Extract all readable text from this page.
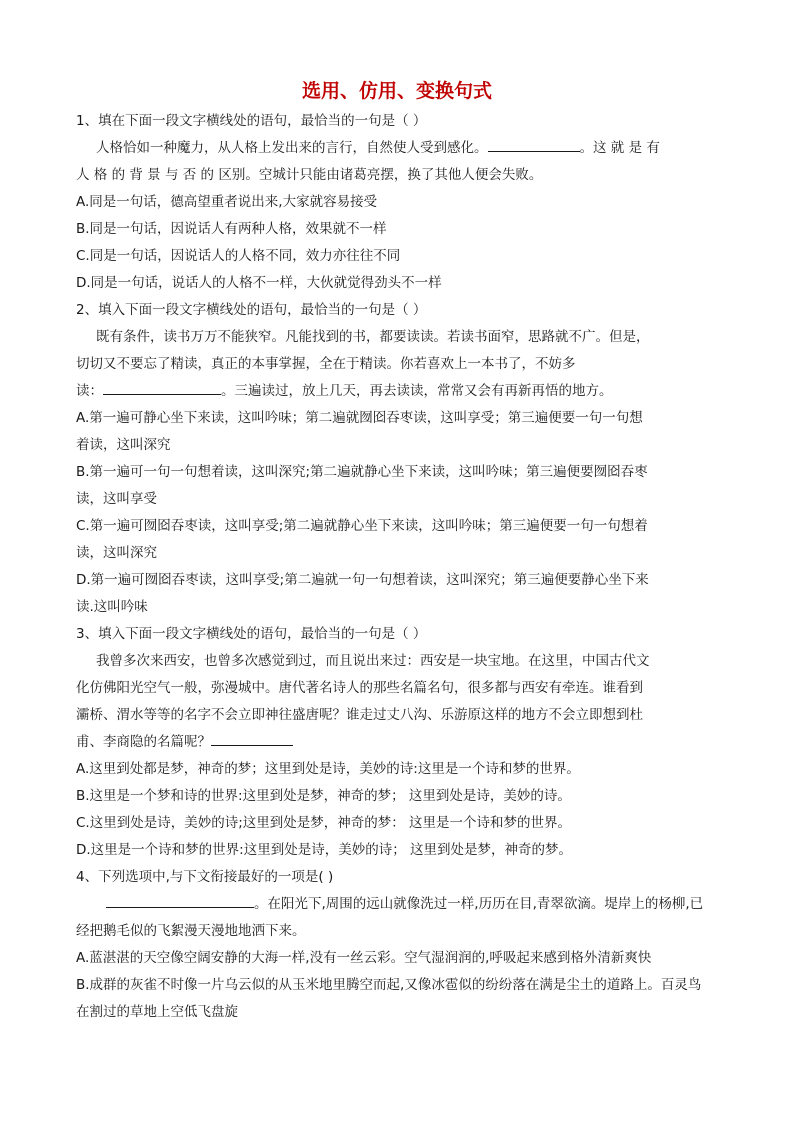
选用、仿用、变换句式
1、填在下面一段文字横线处的语句，最恰当的一句是（ ）
人格恰如一种魔力，从人格上发出来的言行，自然使人受到感化。	。这 就 是 有
人 格 的 背 景 与 否 的 区别。空城计只能由诸葛亮摆，换了其他人便会失败。
A.同是一句话，德高望重者说出来,大家就容易接受
B.同是一句话，因说话人有两种人格，效果就不一样
C.同是一句话，因说话人的人格不同，效力亦往往不同
D.同是一句话，说话人的人格不一样，大伙就觉得劲头不一样
2、填入下面一段文字横线处的语句，最恰当的一句是（ ）
既有条件，读书万万不能狭窄。凡能找到的书，都要读读。若读书面窄，思路就不广。但是，
切切又不要忘了精读，真正的本事掌握，全在于精读。你若喜欢上一本书了，不妨多
读：	。三遍读过，放上几天，再去读读，常常又会有再新再悟的地方。
A.第一遍可静心坐下来读，这叫吟味；第二遍就囫囵吞枣读，这叫享受；第三遍便要一句一句想
着读，这叫深究
B.第一遍可一句一句想着读，这叫深究;第二遍就静心坐下来读，这叫吟味；第三遍便要囫囵吞枣
读，这叫享受
C.第一遍可囫囵吞枣读，这叫享受;第二遍就静心坐下来读，这叫吟味；第三遍便要一句一句想着
读，这叫深究
D.第一遍可囫囵吞枣读，这叫享受;第二遍就一句一句想着读，这叫深究；第三遍便要静心坐下来
读.这叫吟味
3、填入下面一段文字横线处的语句，最恰当的一句是（ ）
我曾多次来西安，也曾多次感觉到过，而且说出来过：西安是一块宝地。在这里，中国古代文
化仿佛阳光空气一般，弥漫城中。唐代著名诗人的那些名篇名句，很多都与西安有牵连。谁看到
灞桥、渭水等等的名字不会立即神往盛唐呢？谁走过丈八沟、乐游原这样的地方不会立即想到杜
甫、李商隐的名篇呢？
A.这里到处都是梦，神奇的梦；这里到处是诗，美妙的诗:这里是一个诗和梦的世界。
B.这里是一个梦和诗的世界:这里到处是梦，神奇的梦； 这里到处是诗，美妙的诗。
C.这里到处是诗，美妙的诗;这里到处是梦，神奇的梦： 这里是一个诗和梦的世界。
D.这里是一个诗和梦的世界:这里到处是诗，美妙的诗； 这里到处是梦，神奇的梦。
4、下列选项中,与下文衔接最好的一项是( )
。在阳光下,周围的远山就像洗过一样,历历在目,青翠欲滴。堤岸上的杨柳,已
经把鹅毛似的飞絮漫天漫地地洒下来。
A.蓝湛湛的天空像空阔安静的大海一样,没有一丝云彩。空气湿润润的,呼吸起来感到格外清新爽快
B.成群的灰雀不时像一片乌云似的从玉米地里腾空而起,又像冰雹似的纷纷落在满是尘土的道路上。百灵鸟
在割过的草地上空低飞盘旋
